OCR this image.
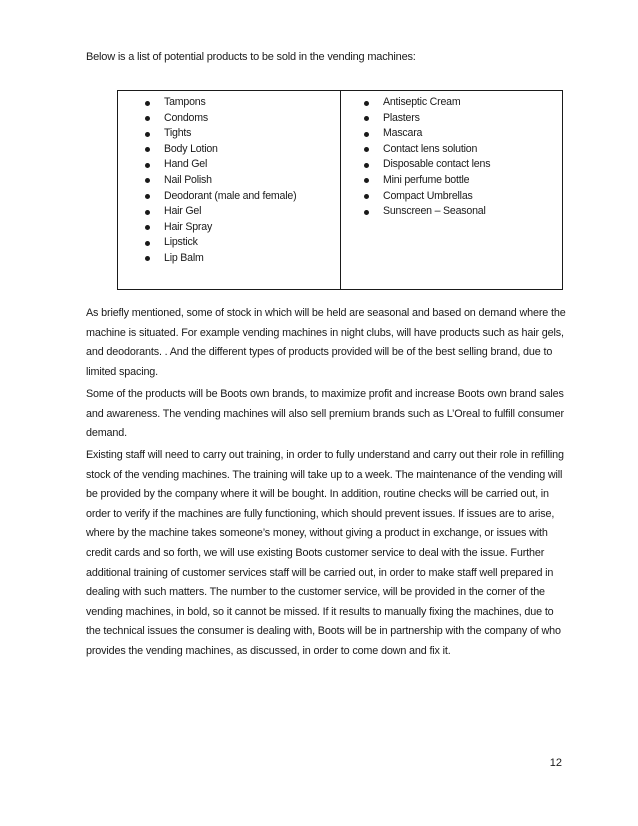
Below is a list of potential products to be sold in the vending machines:

Tampons
Condoms
Tights
Body Lotion
Hand Gel
Nail Polish
Deodorant (male and female)
Hair Gel
Hair Spray
Lipstick
Lip Balm

Antiseptic Cream
Plasters
Mascara
Contact lens solution
Disposable contact lens
Mini perfume bottle
Compact Umbrellas
Sunscreen – Seasonal

As briefly mentioned, some of stock in which will be held are seasonal and based on demand where the machine is situated. For example vending machines in night clubs, will have products such as hair gels, and deodorants. . And the different types of products provided will be of the best selling brand, due to limited spacing.

Some of the products will be Boots own brands, to maximize profit and increase Boots own brand sales and awareness. The vending machines will also sell premium brands such as L’Oreal to fulfill consumer demand.

Existing staff will need to carry out training, in order to fully understand and carry out their role in refilling stock of the vending machines. The training will take up to a week. The maintenance of the vending will be provided by the company where it will be bought. In addition, routine checks will be carried out, in order to verify if the machines are fully functioning, which should prevent issues. If issues are to arise, where by the machine takes someone’s money, without giving a product in exchange, or issues with credit cards and so forth, we will use existing Boots customer service to deal with the issue. Further additional training of customer services staff will be carried out, in order to make staff well prepared in dealing with such matters. The number to the customer service, will be provided in the corner of the vending machines, in bold, so it cannot be missed. If it results to manually fixing the machines, due to the technical issues the consumer is dealing with, Boots will be in partnership with the company of who provides the vending machines, as discussed, in order to come down and fix it.

12
